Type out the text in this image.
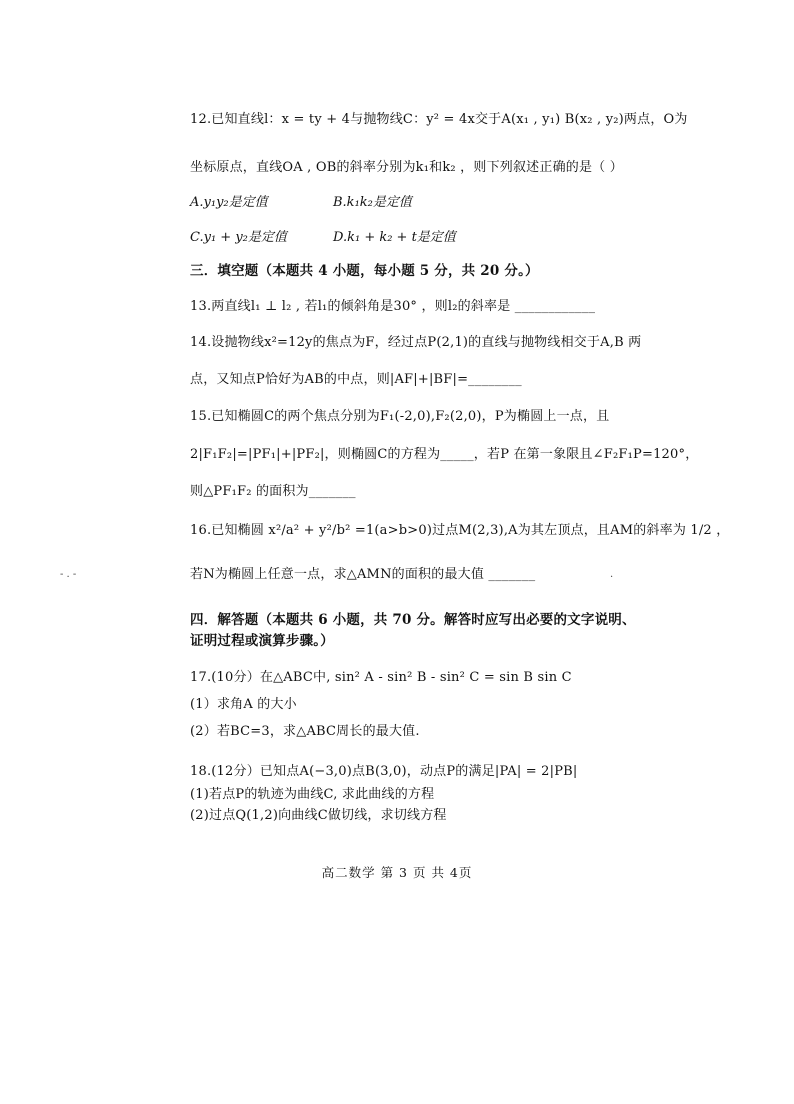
12.已知直线l：x = ty + 4与抛物线C：y² = 4x交于A(x₁ , y₁) B(x₂ , y₂)两点，O为
坐标原点，直线OA , OB的斜率分别为k₁和k₂ ，则下列叙述正确的是（ ）
A.y₁y₂是定值	B.k₁k₂是定值
C.y₁ + y₂是定值	D.k₁ + k₂ + t是定值
三．填空题（本题共 4 小题，每小题 5 分，共 20 分。）
13.两直线l₁ ⊥ l₂ , 若l₁的倾斜角是30° ，则l₂的斜率是 ____________
14.设抛物线x²=12y的焦点为F，经过点P(2,1)的直线与抛物线相交于A,B 两
点，又知点P恰好为AB的中点，则|AF|+|BF|=________
15.已知椭圆C的两个焦点分别为F₁(-2,0),F₂(2,0)，P为椭圆上一点，且
2|F₁F₂|=|PF₁|+|PF₂|，则椭圆C的方程为_____，若P 在第一象限且∠F₂F₁P=120°，
则△PF₁F₂ 的面积为_______
16.已知椭圆 x²/a² + y²/b² =1(a>b>0)过点M(2,3),A为其左顶点，且AM的斜率为 1/2 ，
若N为椭圆上任意一点，求△AMN的面积的最大值 _______
- . -	.
四．解答题（本题共 6 小题，共 70 分。解答时应写出必要的文字说明、
证明过程或演算步骤。）
17.(10分）在△ABC中, sin² A - sin² B - sin² C = sin B sin C
(1）求角A 的大小
(2）若BC=3，求△ABC周长的最大值.
18.(12分）已知点A(−3,0)点B(3,0)，动点P的满足|PA| = 2|PB|
(1)若点P的轨迹为曲线C, 求此曲线的方程
(2)过点Q(1,2)向曲线C做切线，求切线方程
高二数学 第 3 页 共 4页
